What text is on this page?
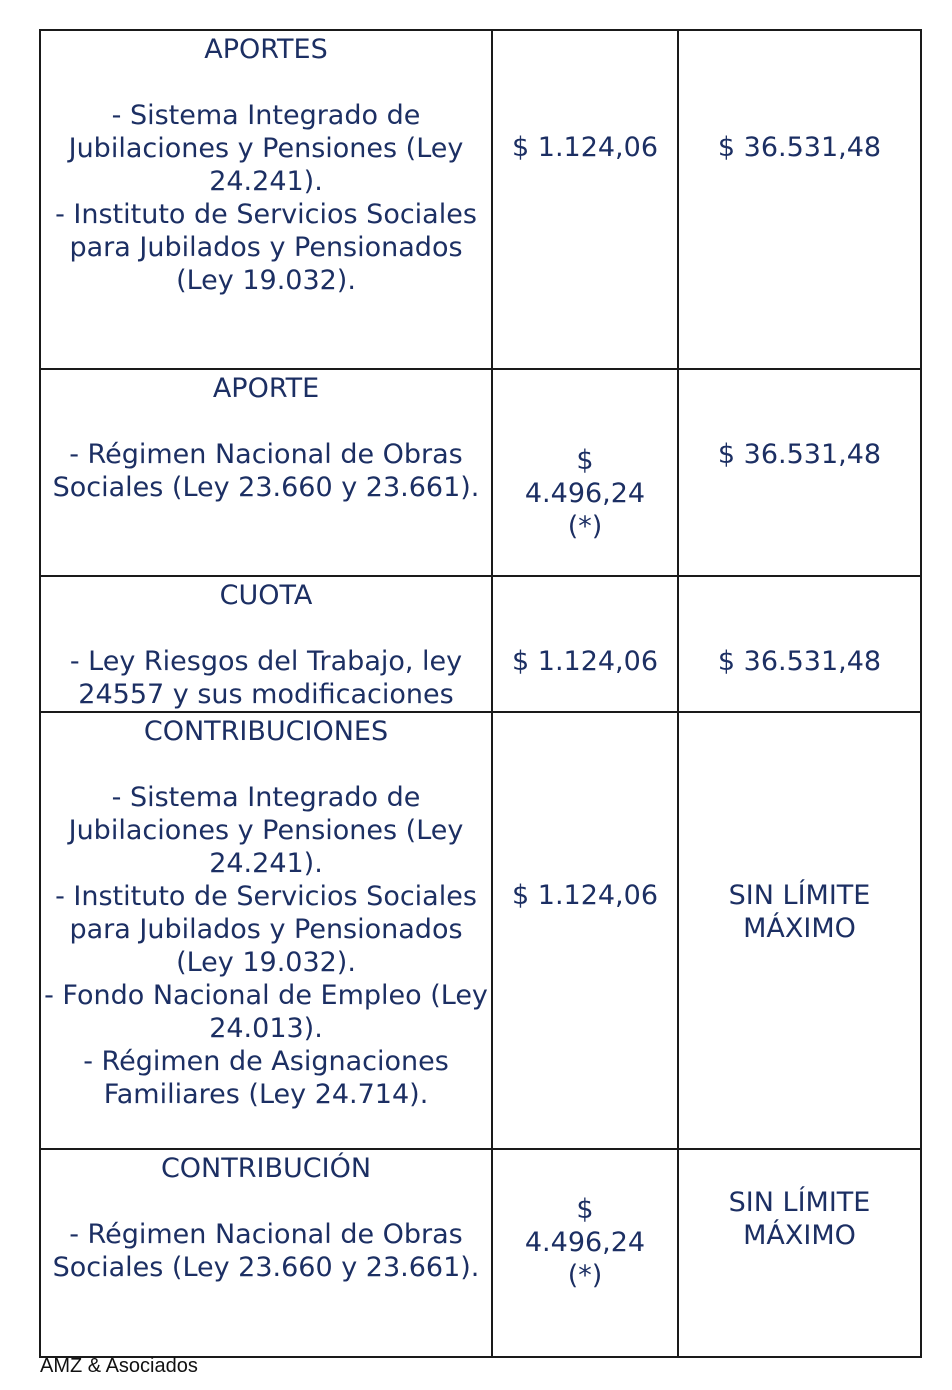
APORTES
- Sistema Integrado de Jubilaciones y Pensiones (Ley 24.241).
- Instituto de Servicios Sociales para Jubilados y Pensionados (Ley 19.032).	$ 1.124,06	$ 36.531,48

APORTE
- Régimen Nacional de Obras Sociales (Ley 23.660 y 23.661).	$ 4.496,24 (*)	$ 36.531,48

CUOTA
- Ley Riesgos del Trabajo, ley 24557 y sus modificaciones	$ 1.124,06	$ 36.531,48

CONTRIBUCIONES
- Sistema Integrado de Jubilaciones y Pensiones (Ley 24.241).
- Instituto de Servicios Sociales para Jubilados y Pensionados (Ley 19.032).
- Fondo Nacional de Empleo (Ley 24.013).
- Régimen de Asignaciones Familiares (Ley 24.714).	$ 1.124,06	SIN LÍMITE MÁXIMO

CONTRIBUCIÓN
- Régimen Nacional de Obras Sociales (Ley 23.660 y 23.661).	$ 4.496,24 (*)	SIN LÍMITE MÁXIMO
AMZ & Asociados
